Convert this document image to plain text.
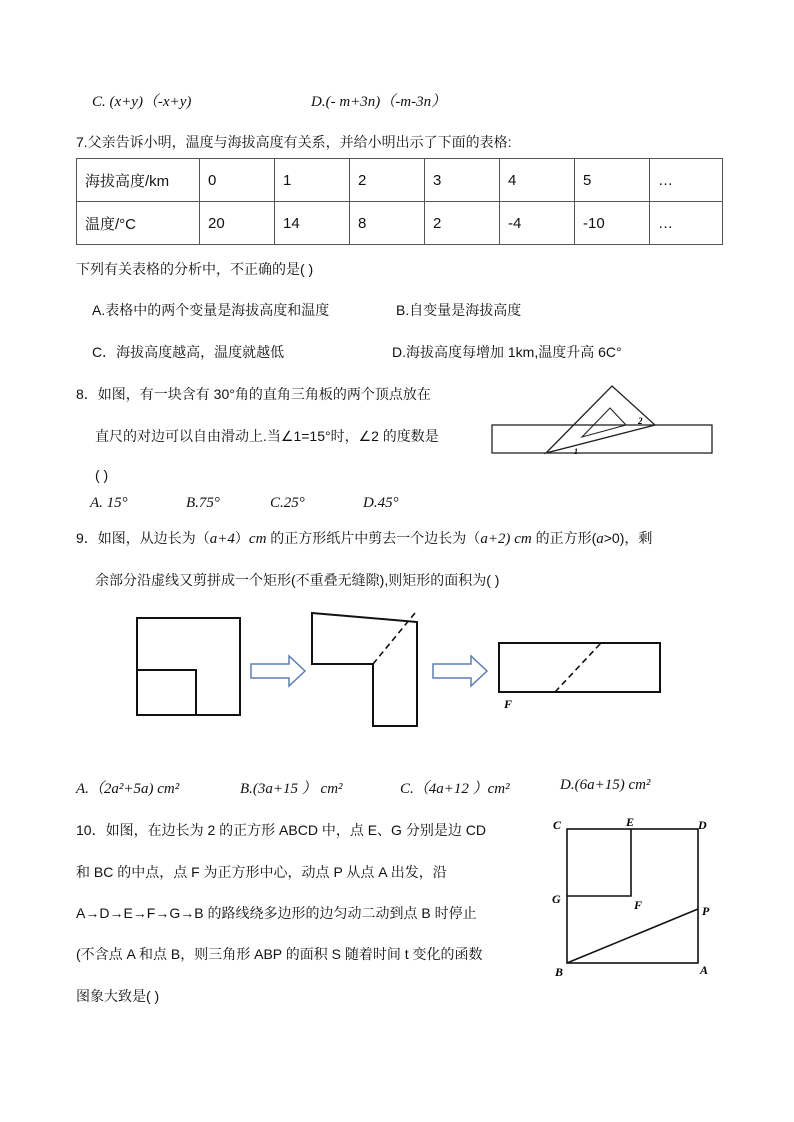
C. (x+y)（-x+y)	D.(- m+3n)（-m-3n）
7.父亲告诉小明，温度与海拔高度有关系，并给小明出示了下面的表格:
海拔高度/km	0	1	2	3	4	5	…
温度/°C	20	14	8	2	-4	-10	…
下列有关表格的分析中，不正确的是( )
A.表格中的两个变量是海拔高度和温度	B.自变量是海拔高度
C．海拔高度越高，温度就越低	D.海拔高度每增加 1km,温度升高 6C°
8．如图，有一块含有 30°角的直角三角板的两个顶点放在
直尺的对边可以自由滑动上.当∠1=15°时，∠2 的度数是
( )
A. 15°	B.75°	C.25°	D.45°
1
2
9．如图，从边长为（a+4）cm 的正方形纸片中剪去一个边长为（a+2) cm 的正方形(a>0)，剩
余部分沿虚线又剪拼成一个矩形(不重叠无缝隙),则矩形的面积为( )
F
A.（2a²+5a) cm²	B.(3a+15 ） cm²	C.（4a+12 ）cm²	D.(6a+15) cm²
10．如图，在边长为 2 的正方形 ABCD 中，点 E、G 分别是边 CD
和 BC 的中点，点 F 为正方形中心，动点 P 从点 A 出发，沿
A→D→E→F→G→B 的路线绕多边形的边匀动二动到点 B 时停止
(不含点 A 和点 B，则三角形 ABP 的面积 S 随着时间 t 变化的函数
图象大致是( )
C	E	D
G	F	P
B	A
